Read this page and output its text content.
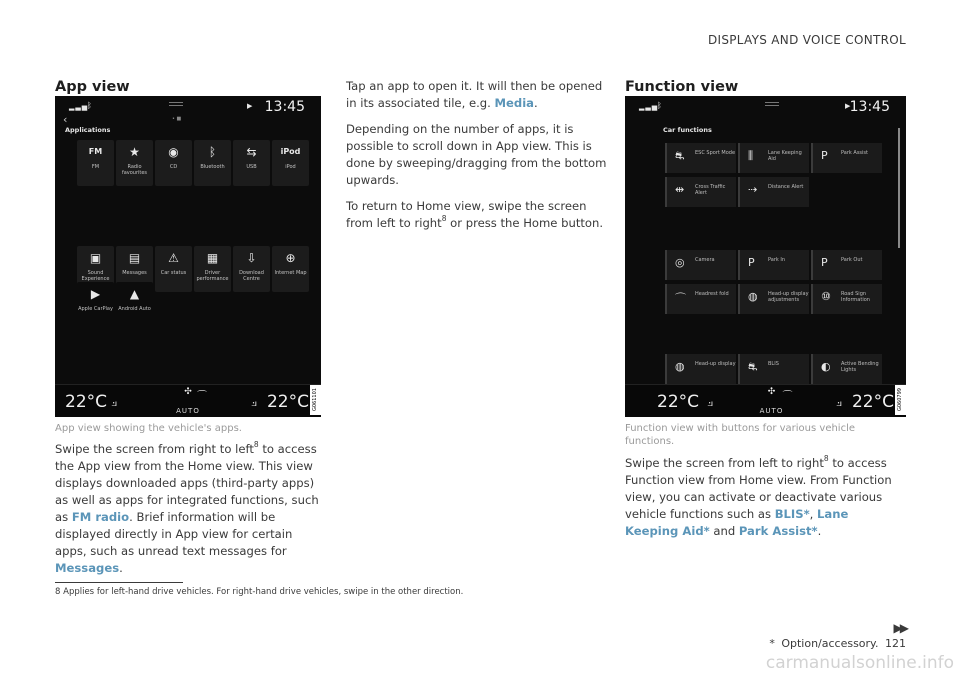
DISPLAYS AND VOICE CONTROL
App view
▂▃▅
ᛒ	▶ 13:45
‹	• ■
Applications
FM
FM
★
Radio favourites
◉
CD
ᛒ
Bluetooth
⇆
USB
iPod
iPod
▣
Sound Experience
▤
Messages
⚠
Car status
▦
Driver performance
⇩
Download Centre
⊕
Internet Map
▶
Apple CarPlay
▲
Android Auto
22°C ⟓
✣ ⌒
AUTO
⟓ 22°C G061101
App view showing the vehicle's apps.

Swipe the screen from right to left$^8$ to access the App view from the Home view. This view displays downloaded apps (third-party apps) as well as apps for integrated functions, such as FM radio. Brief information will be displayed directly in App view for certain apps, such as unread text messages for Messages.

Tap an app to open it. It will then be opened in its associated tile, e.g. Media.

Depending on the number of apps, it is possible to scroll down in App view. This is done by sweeping/dragging from the bottom upwards.

To return to Home view, swipe the screen from left to right$^8$ or press the Home button.

Function view
▂▃▅
ᛒ	▶ 13:45
Car functions
⛐ ESC Sport Mode ⫼	Lane Keeping Aid	P	Park Assist
⇹ Cross Traffic Alert	⇢ Distance Alert
◎ Camera	P	Park In	P	Park Out
⌒ Headrest fold	◍ Head-up display adjustments	⑩ Road Sign Information
◍ Head-up display ⛐ BLIS	◐ Active Bending Lights
22°C ⟓
✣ ⌒
AUTO
⟓ 22°C G060799
Function view with buttons for various vehicle functions.

Swipe the screen from left to right$^8$ to access Function view from Home view. From Function view, you can activate or deactivate various vehicle functions such as BLIS*, Lane Keeping Aid* and Park Assist*.

8 Applies for left-hand drive vehicles. For right-hand drive vehicles, swipe in the other direction.
▶▶
* Option/accessory. 121
carmanualsonline.info
